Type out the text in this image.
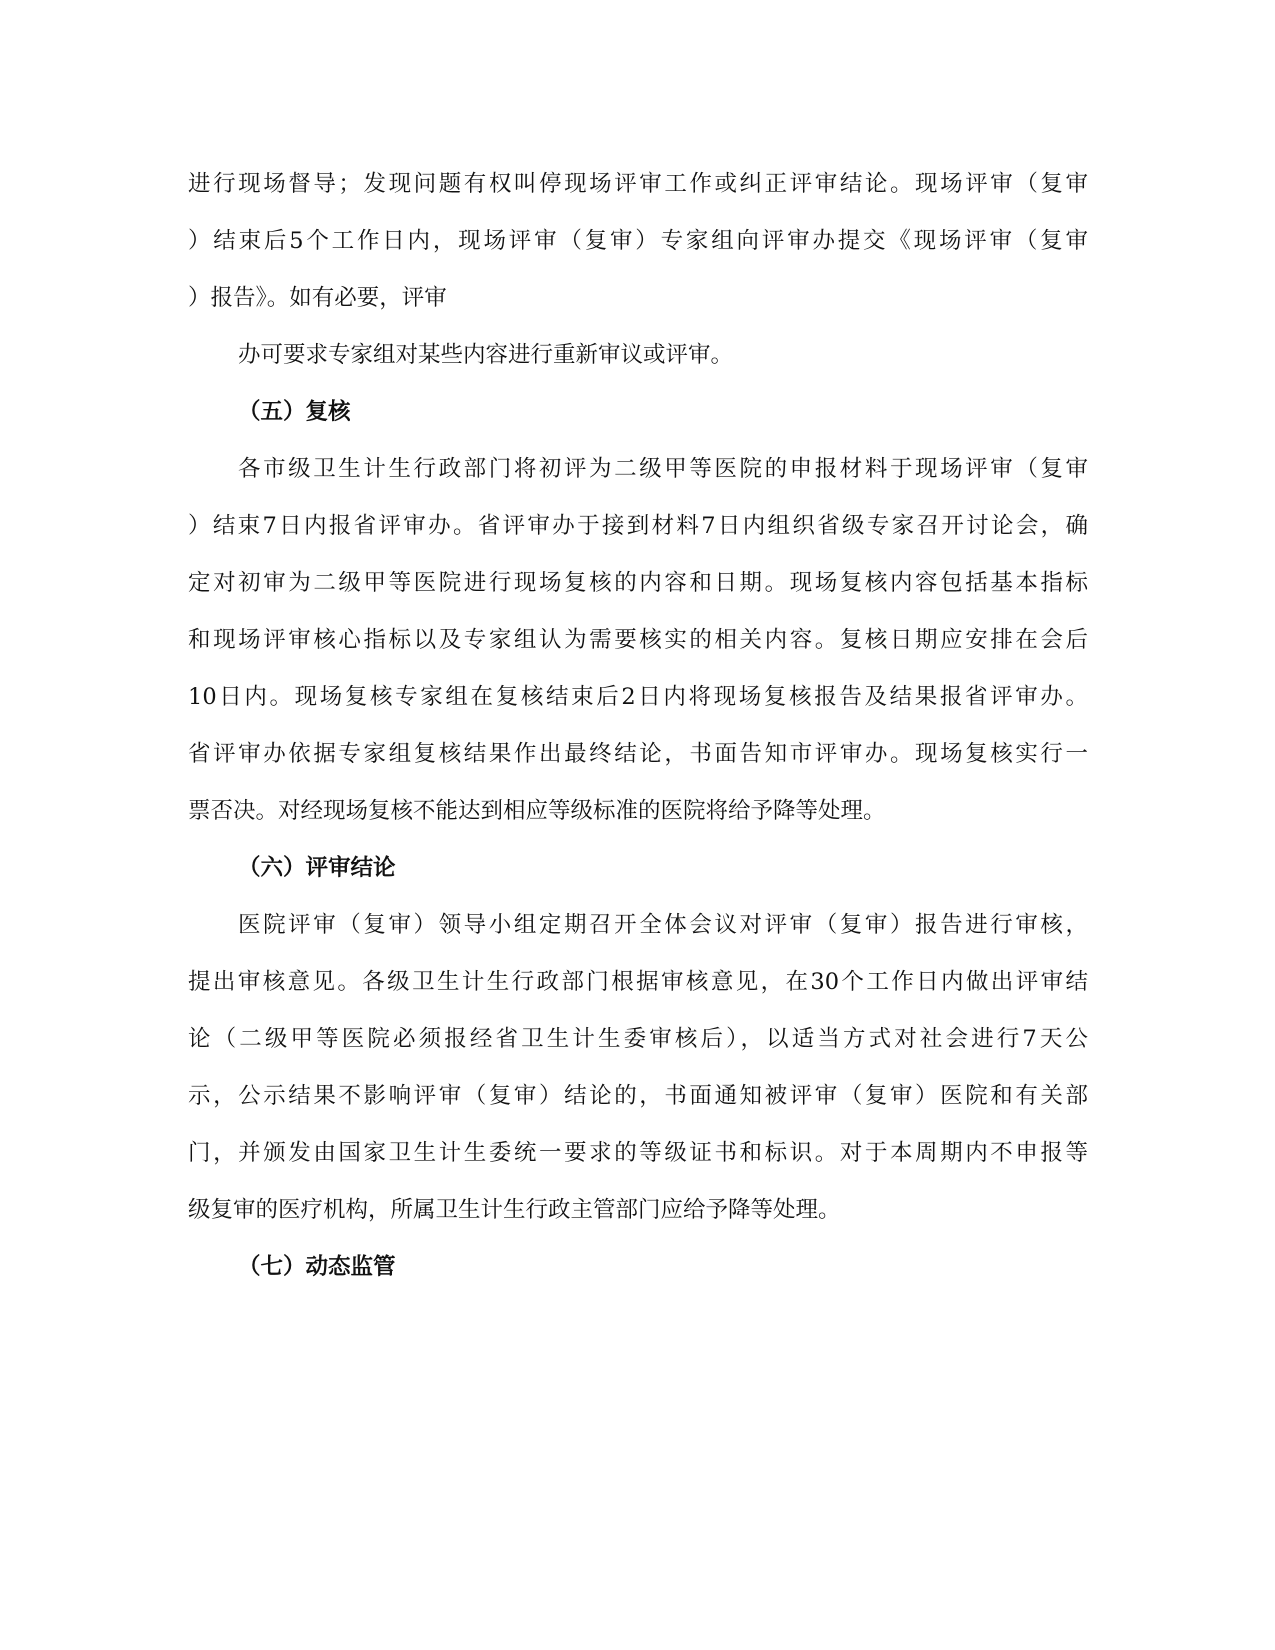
进行现场督导；发现问题有权叫停现场评审工作或纠正评审结论。现场评审（复审
）结束后5个工作日内，现场评审（复审）专家组向评审办提交《现场评审（复审
）报告》。如有必要，评审
办可要求专家组对某些内容进行重新审议或评审。
（五）复核
各市级卫生计生行政部门将初评为二级甲等医院的申报材料于现场评审（复审
）结束7日内报省评审办。省评审办于接到材料7日内组织省级专家召开讨论会，确
定对初审为二级甲等医院进行现场复核的内容和日期。现场复核内容包括基本指标
和现场评审核心指标以及专家组认为需要核实的相关内容。复核日期应安排在会后
10日内。现场复核专家组在复核结束后2日内将现场复核报告及结果报省评审办。
省评审办依据专家组复核结果作出最终结论，书面告知市评审办。现场复核实行一
票否决。对经现场复核不能达到相应等级标准的医院将给予降等处理。
（六）评审结论
医院评审（复审）领导小组定期召开全体会议对评审（复审）报告进行审核，
提出审核意见。各级卫生计生行政部门根据审核意见，在30个工作日内做出评审结
论（二级甲等医院必须报经省卫生计生委审核后），以适当方式对社会进行7天公
示，公示结果不影响评审（复审）结论的，书面通知被评审（复审）医院和有关部
门，并颁发由国家卫生计生委统一要求的等级证书和标识。对于本周期内不申报等
级复审的医疗机构，所属卫生计生行政主管部门应给予降等处理。
（七）动态监管
